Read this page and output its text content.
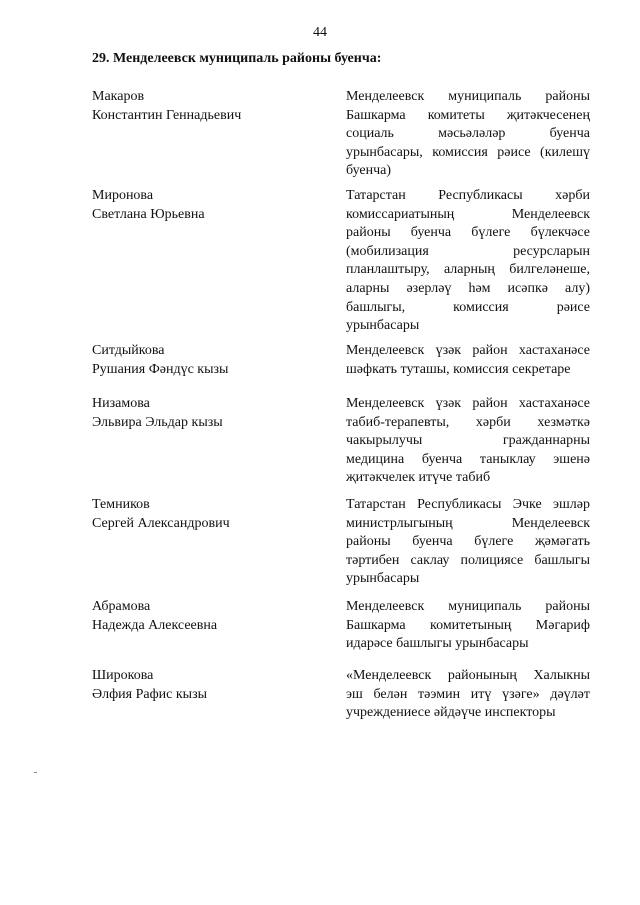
44
29. Менделеевск муниципаль районы буенча:
Макаров
Константин Геннадьевич
Менделеевск муниципаль районы
Башкарма комитеты җитәкчесенең
социаль мәсьәләләр буенча
урынбасары, комиссия рәисе (килешү
буенча)
Миронова
Светлана Юрьевна
Татарстан Республикасы хәрби
комиссариатының Менделеевск
районы буенча бүлеге бүлекчәсе
(мобилизация ресурсларын
планлаштыру, аларның билгеләнеше,
аларны әзерләү һәм исәпкә алу)
башлыгы, комиссия рәисе
урынбасары
Ситдыйкова
Рушания Фәндүс кызы
Менделеевск үзәк район хастаханәсе
шәфкать туташы, комиссия секретаре
Низамова
Эльвира Эльдар кызы
Менделеевск үзәк район хастаханәсе
табиб-терапевты, хәрби хезмәткә
чакырылучы гражданнарны
медицина буенча таныклау эшенә
җитәкчелек итүче табиб
Темников
Сергей Александрович
Татарстан Республикасы Эчке эшләр
министрлыгының Менделеевск
районы буенча бүлеге җәмәгать
тәртибен саклау полициясе башлыгы
урынбасары
Абрамова
Надежда Алексеевна
Менделеевск муниципаль районы
Башкарма комитетының Мәгариф
идарәсе башлыгы урынбасары
Широкова
Әлфия Рафис кызы
«Менделеевск районының Халыкны
эш белән тәэмин итү үзәге» дәүләт
учреждениесе әйдәүче инспекторы
